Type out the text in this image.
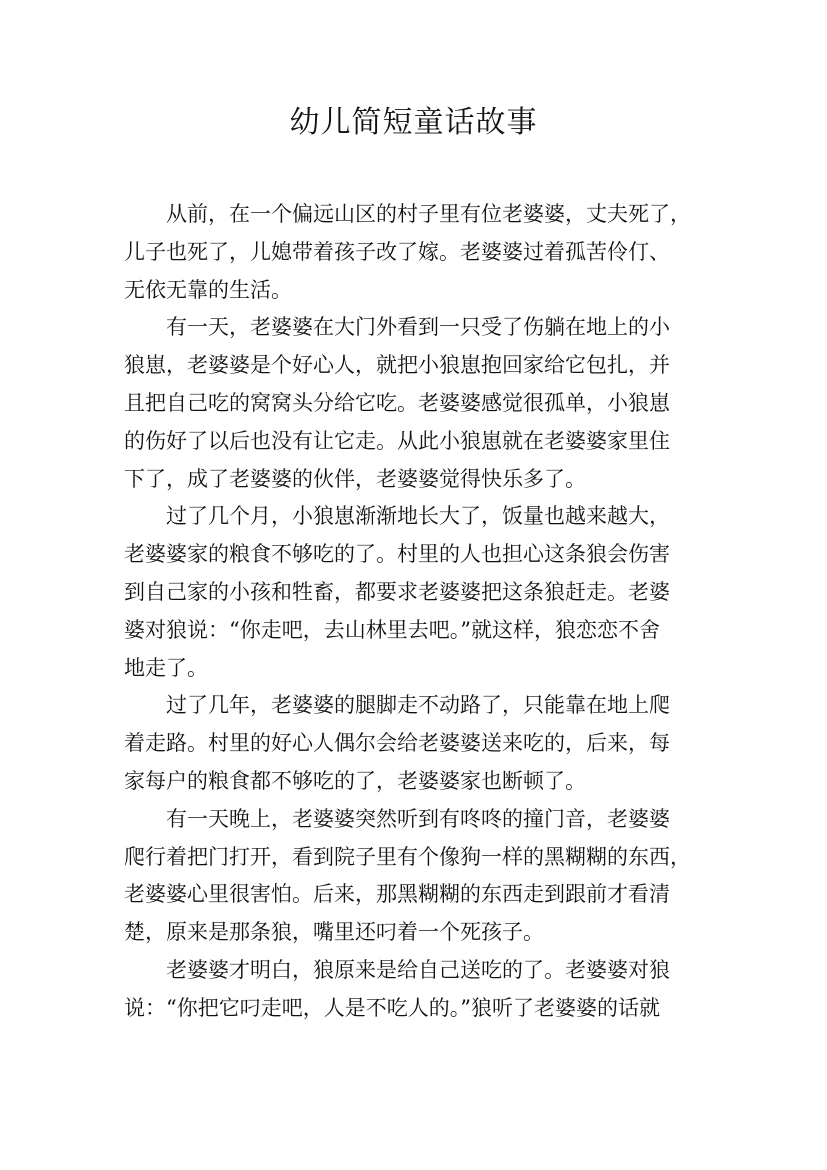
幼儿简短童话故事
从前，在一个偏远山区的村子里有位老婆婆，丈夫死了，
儿子也死了，儿媳带着孩子改了嫁。老婆婆过着孤苦伶仃、
无依无靠的生活。
有一天，老婆婆在大门外看到一只受了伤躺在地上的小
狼崽，老婆婆是个好心人，就把小狼崽抱回家给它包扎，并
且把自己吃的窝窝头分给它吃。老婆婆感觉很孤单，小狼崽
的伤好了以后也没有让它走。从此小狼崽就在老婆婆家里住
下了，成了老婆婆的伙伴，老婆婆觉得快乐多了。
过了几个月，小狼崽渐渐地长大了，饭量也越来越大，
老婆婆家的粮食不够吃的了。村里的人也担心这条狼会伤害
到自己家的小孩和牲畜，都要求老婆婆把这条狼赶走。老婆
婆对狼说：“你走吧，去山林里去吧。”就这样，狼恋恋不舍
地走了。
过了几年，老婆婆的腿脚走不动路了，只能靠在地上爬
着走路。村里的好心人偶尔会给老婆婆送来吃的，后来，每
家每户的粮食都不够吃的了，老婆婆家也断顿了。
有一天晚上，老婆婆突然听到有咚咚的撞门音，老婆婆
爬行着把门打开，看到院子里有个像狗一样的黑糊糊的东西，
老婆婆心里很害怕。后来，那黑糊糊的东西走到跟前才看清
楚，原来是那条狼，嘴里还叼着一个死孩子。
老婆婆才明白，狼原来是给自己送吃的了。老婆婆对狼
说：“你把它叼走吧，人是不吃人的。”狼听了老婆婆的话就
